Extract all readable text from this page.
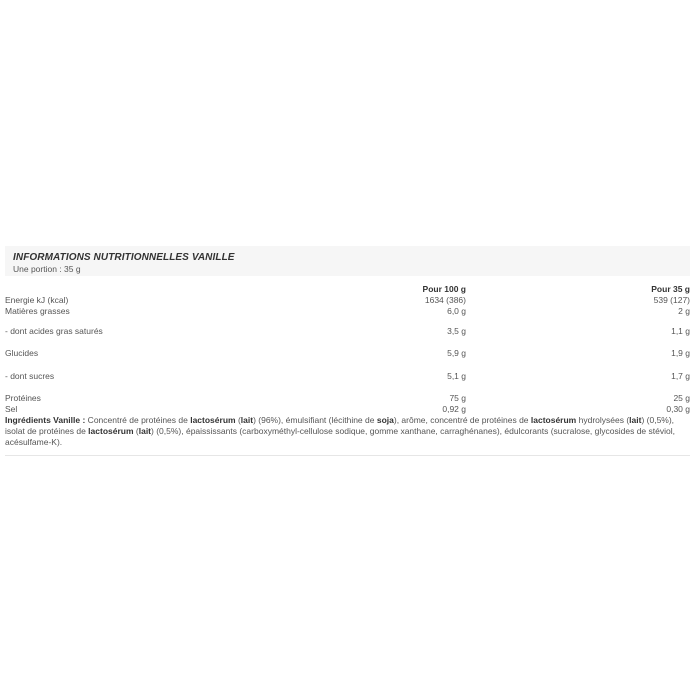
INFORMATIONS NUTRITIONNELLES VANILLE
Une portion : 35 g
Pour 100 g	Pour 35 g
Energie kJ (kcal)	1634 (386)	539 (127)
Matières grasses	6,0 g	2 g
- dont acides gras saturés	3,5 g	1,1 g
Glucides	5,9 g	1,9 g
- dont sucres	5,1 g	1,7 g
Protéines	75 g	25 g
Sel	0,92 g	0,30 g
Ingrédients Vanille : Concentré de protéines de lactosérum (lait) (96%), émulsifiant (lécithine de soja), arôme, concentré de protéines de lactosérum hydrolysées (lait) (0,5%), isolat de protéines de lactosérum (lait) (0,5%), épaississants (carboxyméthyl-cellulose sodique, gomme xanthane, carraghénanes), édulcorants (sucralose, glycosides de stéviol, acésulfame-K).
